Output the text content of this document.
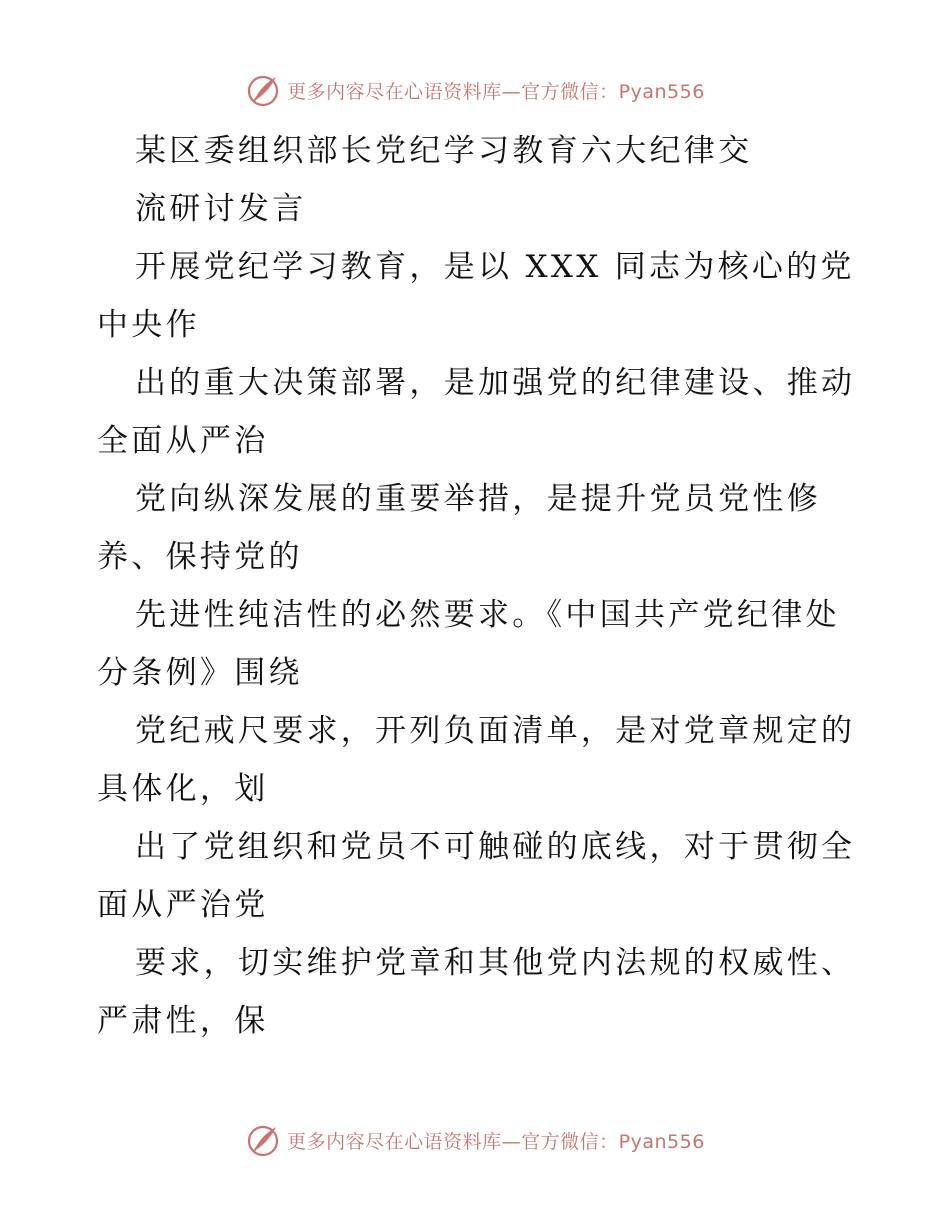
更多内容尽在心语资料库—官方微信：Pyan556
某区委组织部长党纪学习教育六大纪律交
流研讨发言
开展党纪学习教育，是以 XXX 同志为核心的党
中央作
出的重大决策部署，是加强党的纪律建设、推动
全面从严治
党向纵深发展的重要举措，是提升党员党性修
养、保持党的
先进性纯洁性的必然要求。《中国共产党纪律处
分条例》围绕
党纪戒尺要求，开列负面清单，是对党章规定的
具体化，划
出了党组织和党员不可触碰的底线，对于贯彻全
面从严治党
要求，切实维护党章和其他党内法规的权威性、
严肃性，保
更多内容尽在心语资料库—官方微信：Pyan556
